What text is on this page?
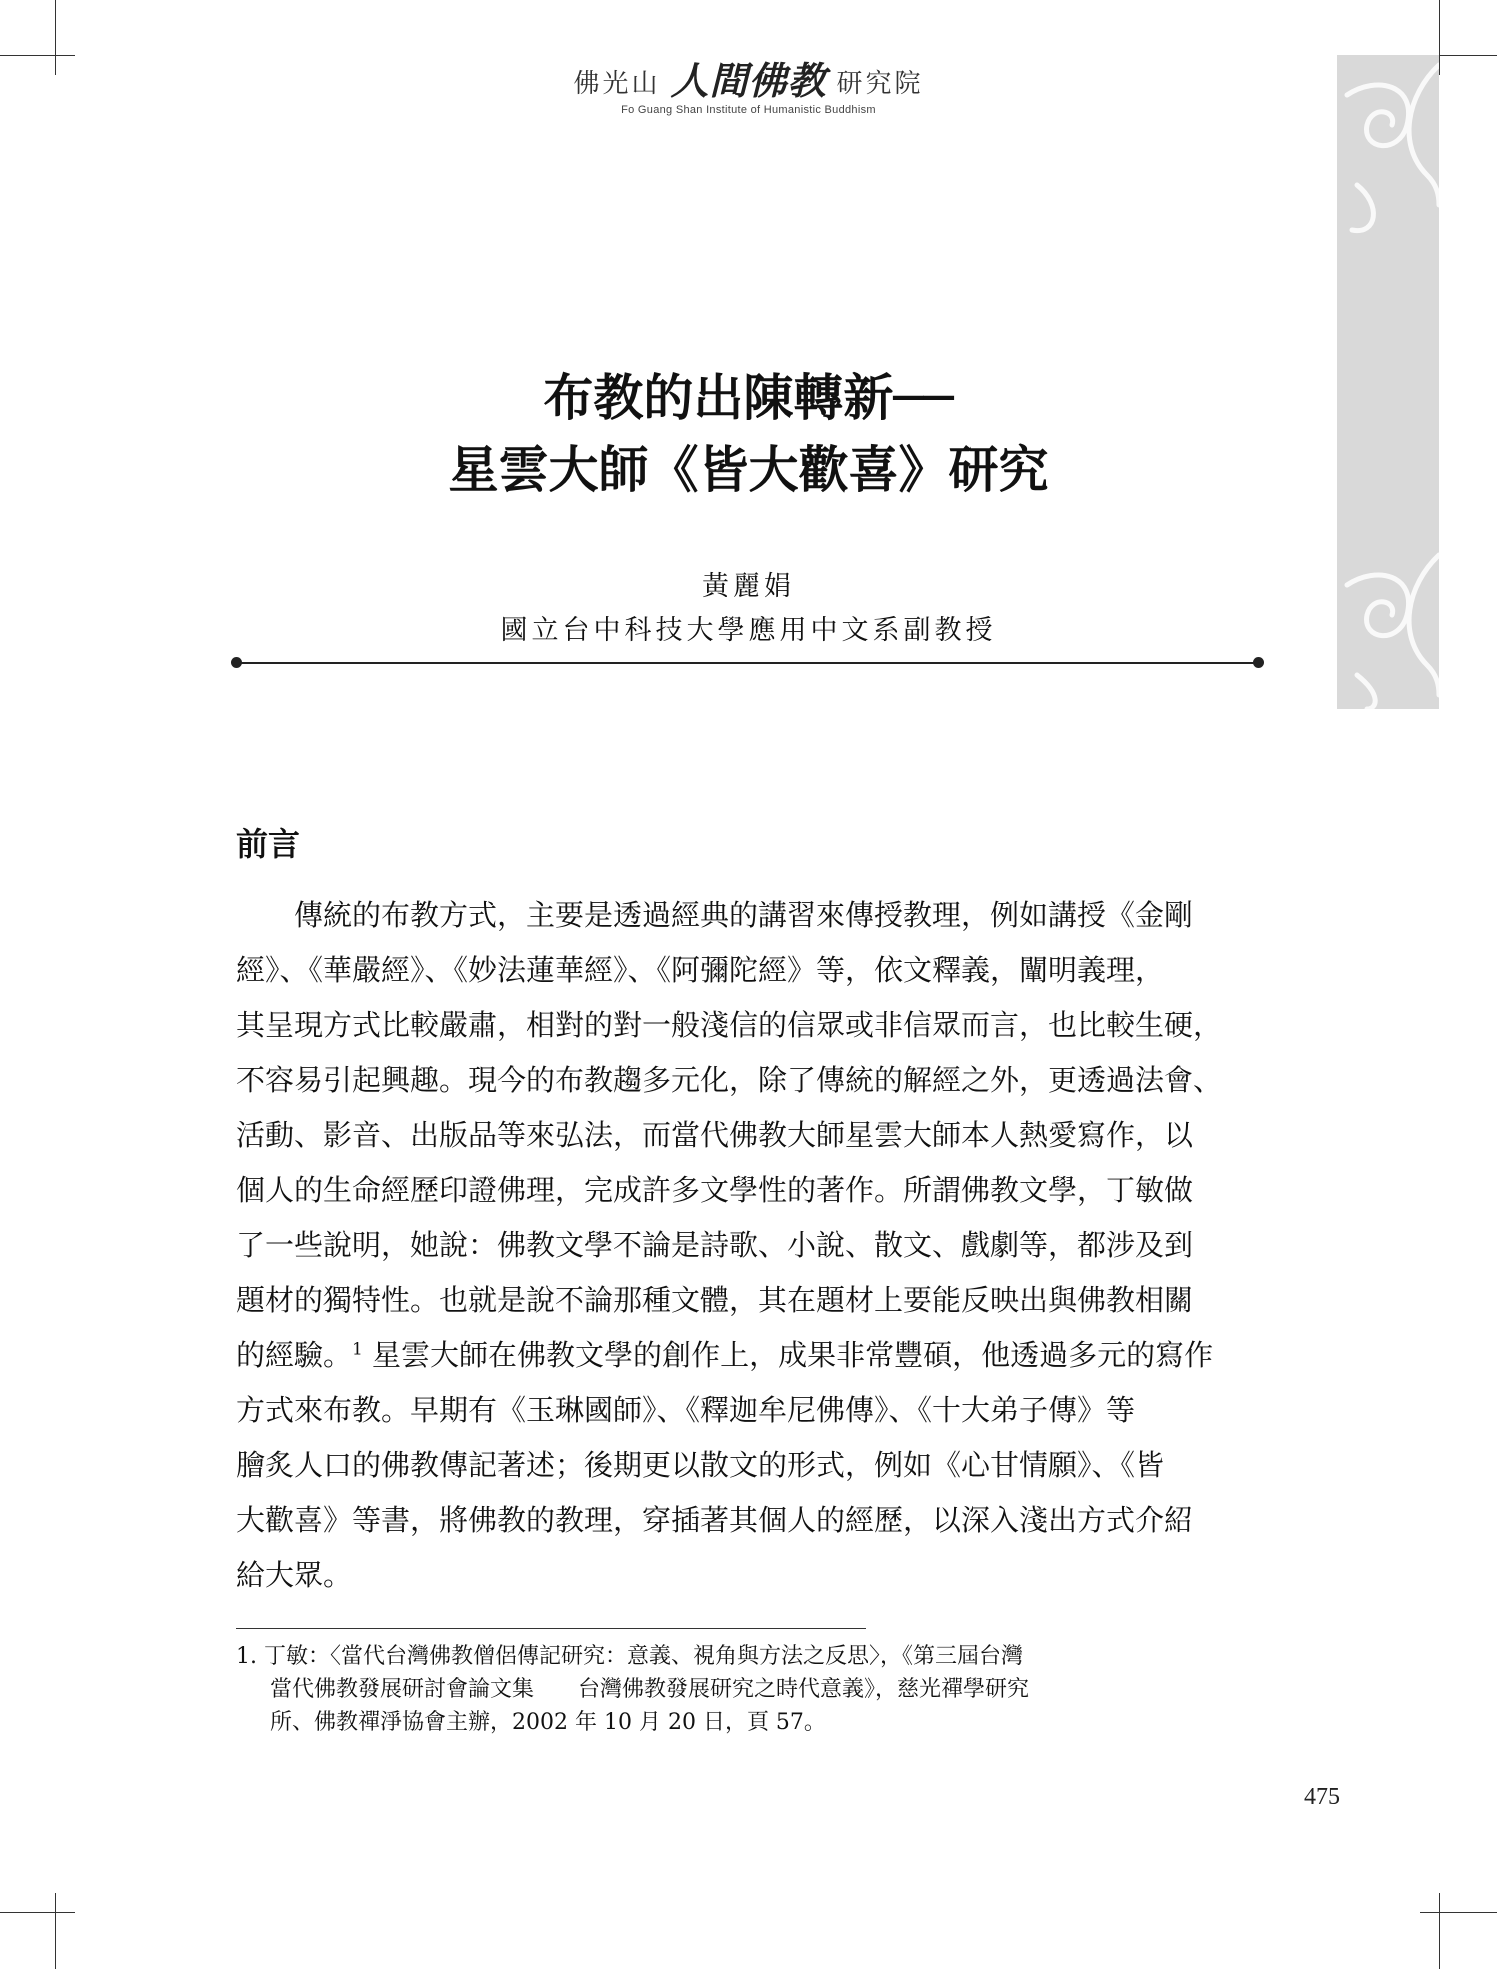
佛光山 人間佛教 研究院
Fo Guang Shan Institute of Humanistic Buddhism
布教的出陳轉新──
星雲大師《皆大歡喜》研究
黃麗娟
國立台中科技大學應用中文系副教授
前言
傳統的布教方式，主要是透過經典的講習來傳授教理，例如講授《金剛
經》、《華嚴經》、《妙法蓮華經》、《阿彌陀經》等，依文釋義，闡明義理，
其呈現方式比較嚴肅，相對的對一般淺信的信眾或非信眾而言，也比較生硬，
不容易引起興趣。現今的布教趨多元化，除了傳統的解經之外，更透過法會、
活動、影音、出版品等來弘法，而當代佛教大師星雲大師本人熱愛寫作，以
個人的生命經歷印證佛理，完成許多文學性的著作。所謂佛教文學，丁敏做
了一些說明，她說：佛教文學不論是詩歌、小說、散文、戲劇等，都涉及到
題材的獨特性。也就是說不論那種文體，其在題材上要能反映出與佛教相關
的經驗。$^1$ 星雲大師在佛教文學的創作上，成果非常豐碩，他透過多元的寫作
方式來布教。早期有《玉琳國師》、《釋迦牟尼佛傳》、《十大弟子傳》等
膾炙人口的佛教傳記著述；後期更以散文的形式，例如《心甘情願》、《皆
大歡喜》等書，將佛教的教理，穿插著其個人的經歷，以深入淺出方式介紹
給大眾。
1. 丁敏：〈當代台灣佛教僧侶傳記研究：意義、視角與方法之反思〉，《第三屆台灣
當代佛教發展研討會論文集　　台灣佛教發展研究之時代意義》，慈光禪學研究
所、佛教禪淨協會主辦，2002 年 10 月 20 日，頁 57。
475
